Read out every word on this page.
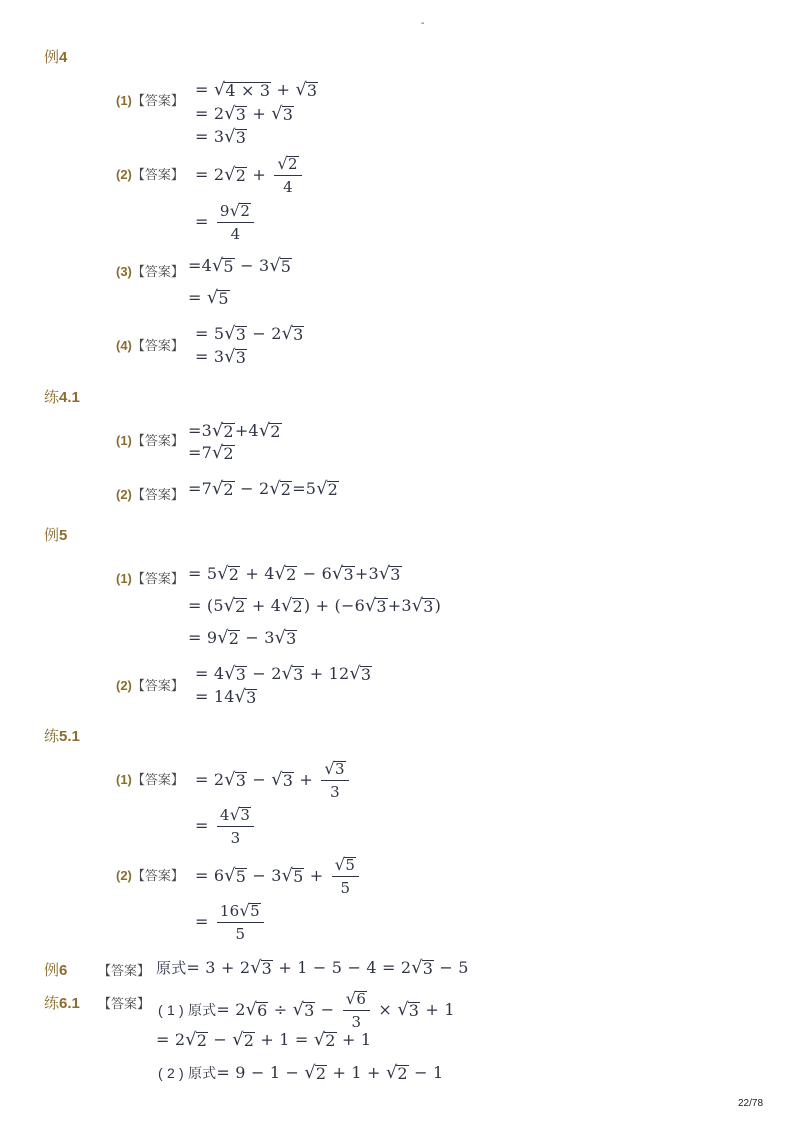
-
例4
(1)【答案】
= √ 4 × 3 + √ 3
= 2 √ 3 + √ 3
= 3 √ 3
(2)【答案】 = 2 √ $2 + \frac{√ 2}{4}$
= $\frac{9 √ 2}{4}$
(3)【答案】 =4 √ 5 − 3 √ 5
= √ 5
(4)【答案】
= 5 √ 3 − 2 √ 3
= 3 √ 3
练4.1
(1)【答案】
=3 √ 2 +4 √ 2
=7 √ 2
(2)【答案】 =7 √ 2 − 2 √ 2 =5 √ 2
例5
(1)【答案】 = 5 √ 2 + 4 √ 2 − 6 √ 3 +3 √ 3
= (5 √ 2 + 4 √ 2 ) + (−6 √ 3 +3 √ 3 )
= 9 √ 2 − 3 √ 3
(2)【答案】
= 4 √ 3 − 2 √ 3 + 12 √ 3
= 14 √ 3
练5.1
(1)【答案】 = 2 √ 3 − √ $3 + \frac{√ 3}{3}$
= $\frac{4 √ 3}{3}$
(2)【答案】 = 6 √ 5 − 3 √ $5 + \frac{√ 5}{5}$
= $\frac{16 √ 5}{5}$
例6 【答案】 原式= 3 + 2 √ 3 + 1 − 5 − 4 = 2 √ 3 − 5
练6.1 【答案】 ( 1 ) 原式= 2 √ 6 ÷ √ $3 - \frac{√ 6}{3}$ × √ 3 + 1
= 2 √ 2 − √ 2 + 1 = √ 2 + 1
( 2 ) 原式= 9 − 1 − √ 2 + 1 + √ 2 − 1
22/78
